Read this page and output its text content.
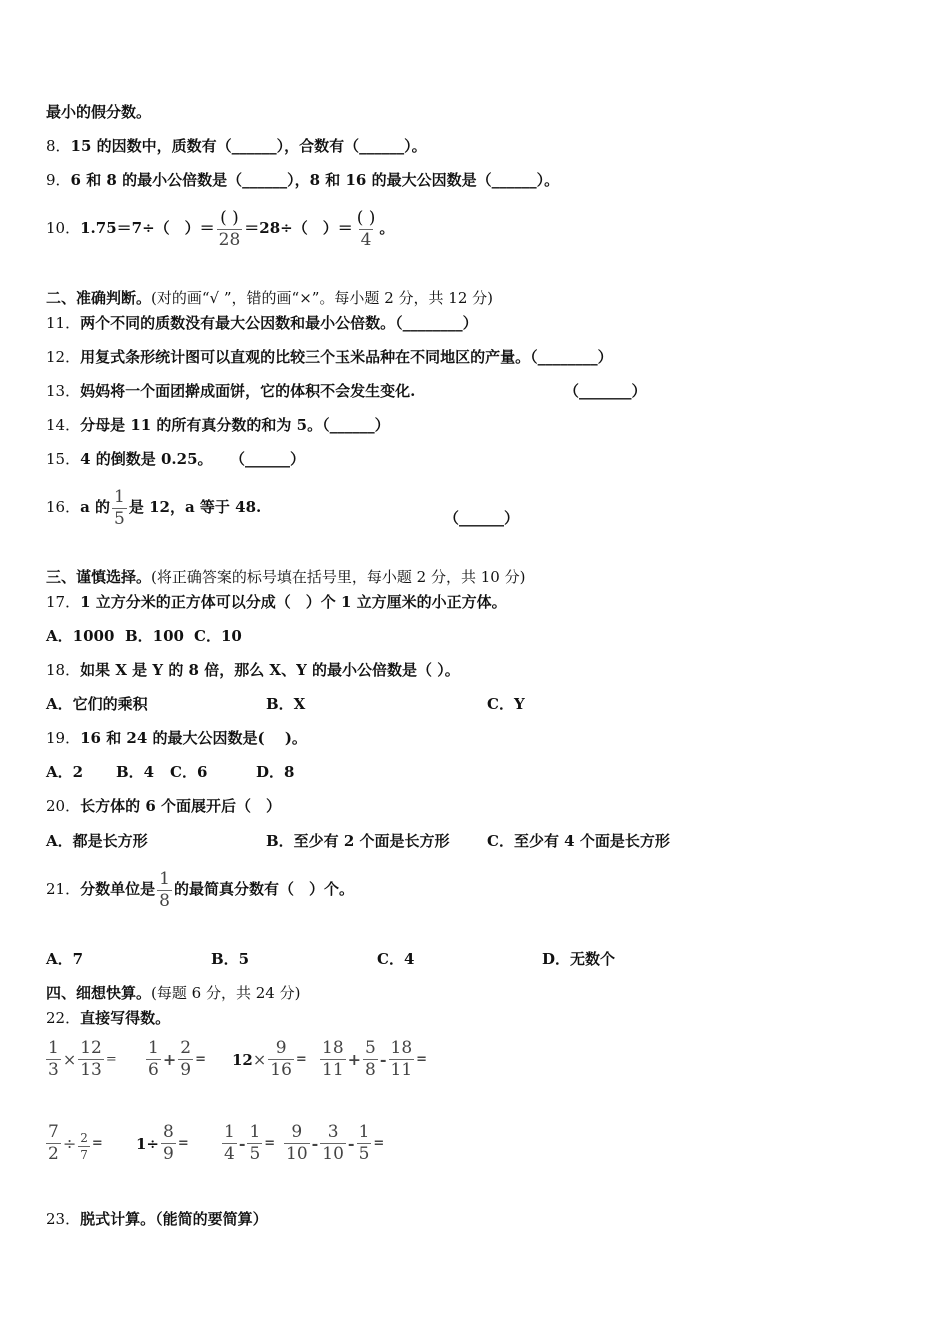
最小的假分数。
8．15 的因数中，质数有（______），合数有（______）。
9．6 和 8 的最小公倍数是（______），8 和 16 的最大公因数是（______）。
10．1.75＝7÷（　）＝ $\frac{( )}{28} =28\div$（　）＝ $\frac{( )}{4}$ 。
二、准确判断。(对的画“√ ”，错的画“×”。每小题 2 分，共 12 分)
11．两个不同的质数没有最大公因数和最小公倍数。（________）
12．用复式条形统计图可以直观的比较三个玉米品种在不同地区的产量。（________）
13．妈妈将一个面团擀成面饼，它的体积不会发生变化.	（_______）
14．分母是 11 的所有真分数的和为 5。（______）
15．4 的倒数是 0.25。 （______）
16．a 的 $\frac{1}{5}$ 是 12，a 等于 48.
（______）
三、谨慎选择。(将正确答案的标号填在括号里，每小题 2 分，共 10 分)
17．1 立方分米的正方体可以分成（　）个 1 立方厘米的小正方体。
A．1000 B．100 C．10
18．如果 X 是 Y 的 8 倍，那么 X、Y 的最小公倍数是（ ）。
A．它们的乘积	B．X	C．Y
19．16 和 24 的最大公因数是(　 )。
A．2 B．4 C．6	D．8
20．长方体的 6 个面展开后（　）
A．都是长方形	B．至少有 2 个面是长方形 C．至少有 4 个面是长方形
21．分数单位是 $\frac{1}{8}$ 的最简真分数有（　）个。
A．7	B．5	C．4	D．无数个
四、细想快算。(每题 6 分，共 24 分)
22．直接写得数。
$\frac{1}{3} \times \frac{12}{13} = \frac{1}{6} + \frac{2}{9} = 12 \times \frac{9}{16} = \frac{18}{11} + \frac{5}{8} - \frac{18}{11}$ =
$\frac{7}{2} \div \frac{2}{7} = 1\div \frac{8}{9} = \frac{1}{4} - \frac{1}{5} = \frac{9}{10} - \frac{3}{10} - \frac{1}{5}$ =
23．脱式计算。（能简的要简算）
